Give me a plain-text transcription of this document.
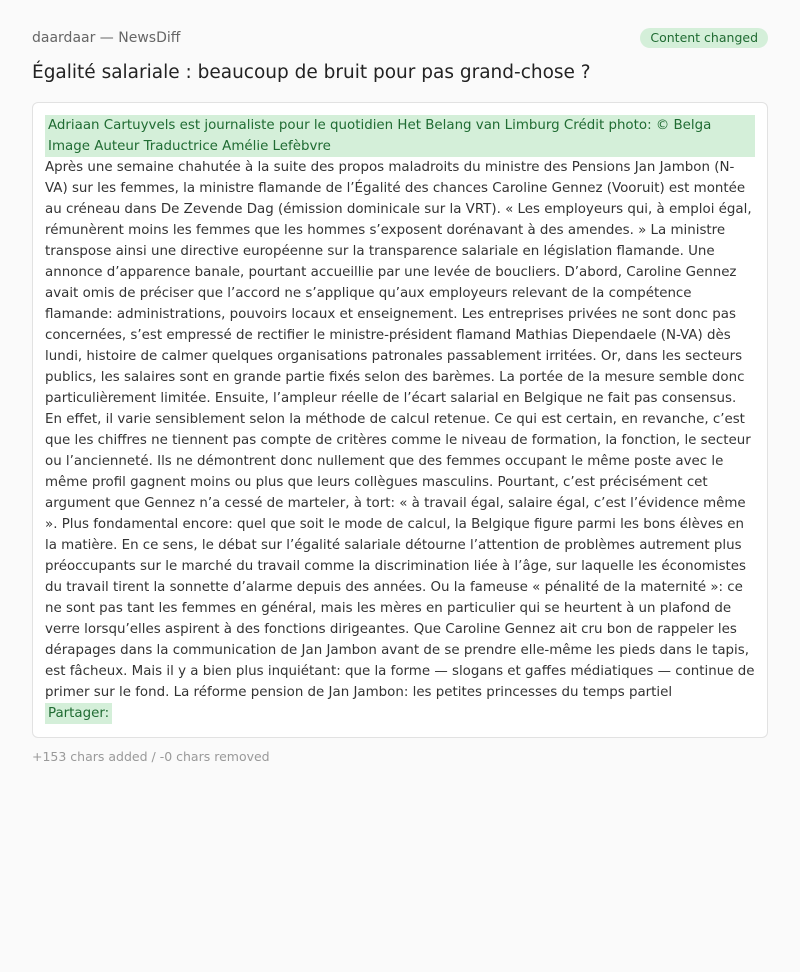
daardaar — NewsDiff	Content changed
Égalité salariale : beaucoup de bruit pour pas grand-chose ?
Adriaan Cartuyvels est journaliste pour le quotidien Het Belang van Limburg Crédit photo: © Belga Image Auteur Traductrice Amélie Lefèbvre
Après une semaine chahutée à la suite des propos maladroits du ministre des Pensions Jan Jambon (N-VA) sur les femmes, la ministre flamande de l’Égalité des chances Caroline Gennez (Vooruit) est montée au créneau dans De Zevende Dag (émission dominicale sur la VRT). « Les employeurs qui, à emploi égal, rémunèrent moins les femmes que les hommes s’exposent dorénavant à des amendes. » La ministre transpose ainsi une directive européenne sur la transparence salariale en législation flamande. Une annonce d’apparence banale, pourtant accueillie par une levée de boucliers. D’abord, Caroline Gennez avait omis de préciser que l’accord ne s’applique qu’aux employeurs relevant de la compétence flamande: administrations, pouvoirs locaux et enseignement. Les entreprises privées ne sont donc pas concernées, s’est empressé de rectifier le ministre-président flamand Mathias Diependaele (N-VA) dès lundi, histoire de calmer quelques organisations patronales passablement irritées. Or, dans les secteurs publics, les salaires sont en grande partie fixés selon des barèmes. La portée de la mesure semble donc particulièrement limitée. Ensuite, l’ampleur réelle de l’écart salarial en Belgique ne fait pas consensus. En effet, il varie sensiblement selon la méthode de calcul retenue. Ce qui est certain, en revanche, c’est que les chiffres ne tiennent pas compte de critères comme le niveau de formation, la fonction, le secteur ou l’ancienneté. Ils ne démontrent donc nullement que des femmes occupant le même poste avec le même profil gagnent moins ou plus que leurs collègues masculins. Pourtant, c’est précisément cet argument que Gennez n’a cessé de marteler, à tort: « à travail égal, salaire égal, c’est l’évidence même ». Plus fondamental encore: quel que soit le mode de calcul, la Belgique figure parmi les bons élèves en la matière. En ce sens, le débat sur l’égalité salariale détourne l’attention de problèmes autrement plus préoccupants sur le marché du travail comme la discrimination liée à l’âge, sur laquelle les économistes du travail tirent la sonnette d’alarme depuis des années. Ou la fameuse « pénalité de la maternité »: ce ne sont pas tant les femmes en général, mais les mères en particulier qui se heurtent à un plafond de verre lorsqu’elles aspirent à des fonctions dirigeantes. Que Caroline Gennez ait cru bon de rappeler les dérapages dans la communication de Jan Jambon avant de se prendre elle-même les pieds dans le tapis, est fâcheux. Mais il y a bien plus inquiétant: que la forme — slogans et gaffes médiatiques — continue de primer sur le fond. La réforme pension de Jan Jambon: les petites princesses du temps partiel
Partager:
+153 chars added / -0 chars removed
